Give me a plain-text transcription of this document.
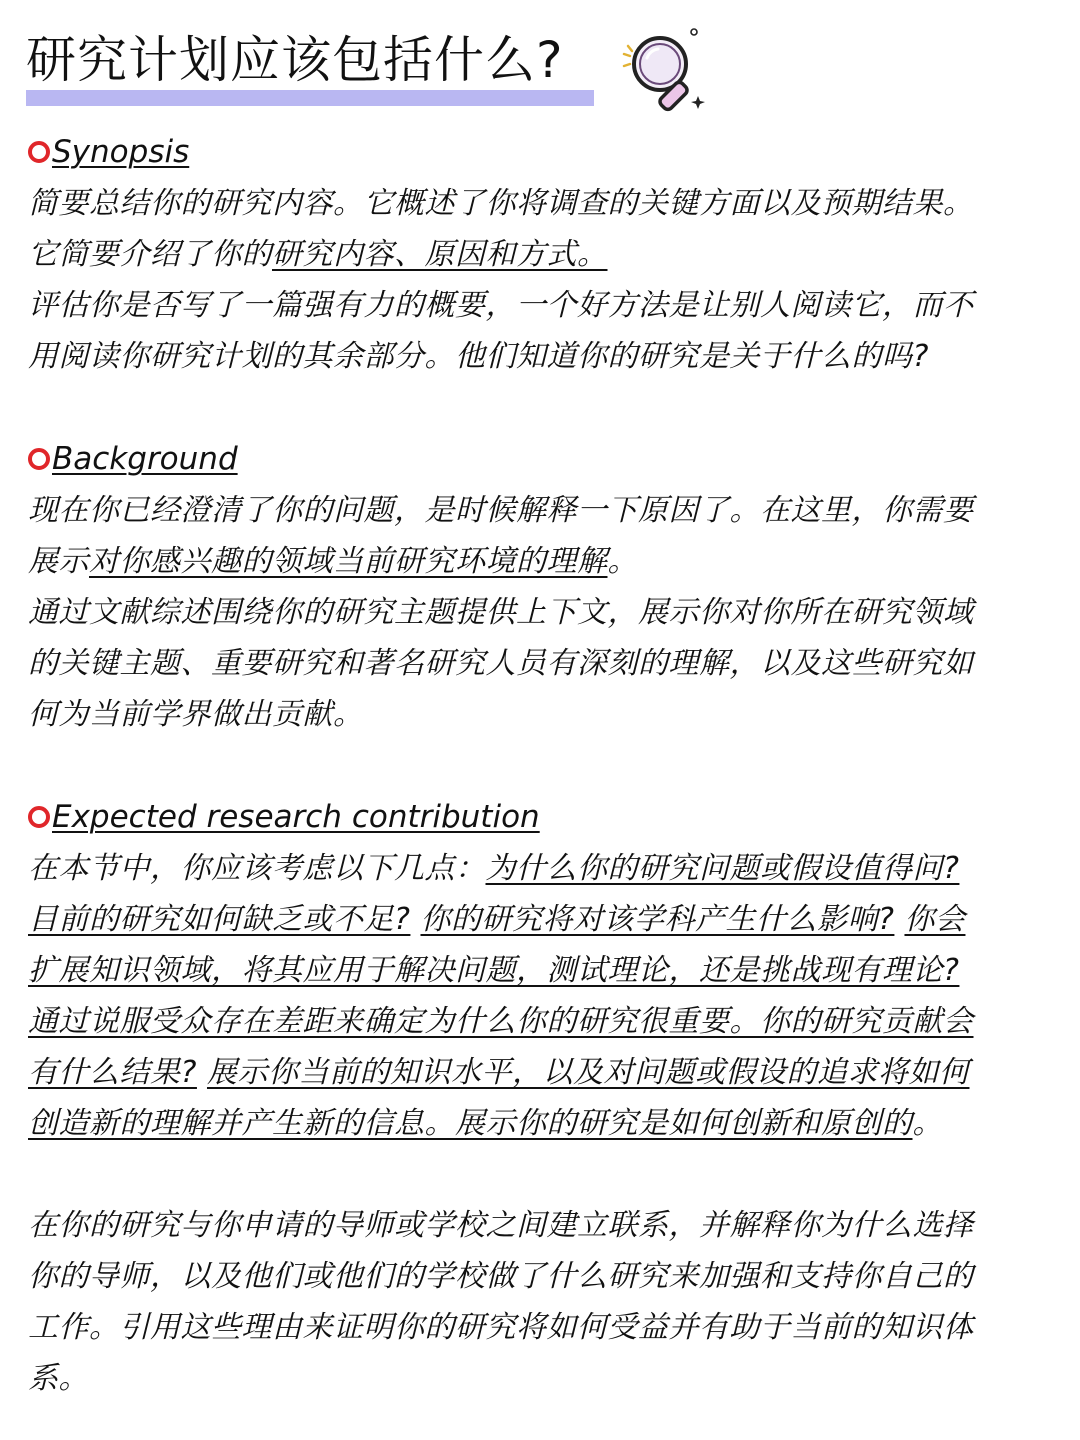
研究计划应该包括什么?
Synopsis
简要总结你的研究内容。它概述了你将调查的关键方面以及预期结果。
它简要介绍了你的研究内容、原因和方式。
评估你是否写了一篇强有力的概要，一个好方法是让别人阅读它，而不
用阅读你研究计划的其余部分。他们知道你的研究是关于什么的吗?
Background
现在你已经澄清了你的问题，是时候解释一下原因了。在这里，你需要
展示对你感兴趣的领域当前研究环境的理解。
通过文献综述围绕你的研究主题提供上下文，展示你对你所在研究领域
的关键主题、重要研究和著名研究人员有深刻的理解，以及这些研究如
何为当前学界做出贡献。
Expected research contribution
在本节中，你应该考虑以下几点：为什么你的研究问题或假设值得问?
目前的研究如何缺乏或不足? 你的研究将对该学科产生什么影响? 你会
扩展知识领域，将其应用于解决问题，测试理论，还是挑战现有理论?
通过说服受众存在差距来确定为什么你的研究很重要。你的研究贡献会
有什么结果? 展示你当前的知识水平，以及对问题或假设的追求将如何
创造新的理解并产生新的信息。展示你的研究是如何创新和原创的。
在你的研究与你申请的导师或学校之间建立联系，并解释你为什么选择
你的导师，以及他们或他们的学校做了什么研究来加强和支持你自己的
工作。引用这些理由来证明你的研究将如何受益并有助于当前的知识体
系。
